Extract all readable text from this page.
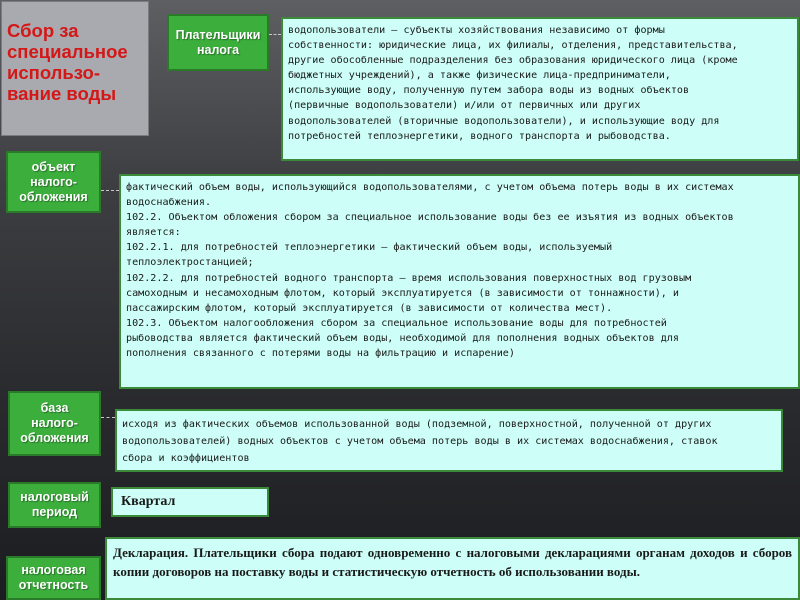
Сбор за
специальное
использо-
вание воды
Плательщики
налога

водопользователи – субъекты хозяйствования независимо от формы

собственности: юридические лица, их филиалы, отделения, представительства,

другие обособленные подразделения без образования юридического лица (кроме

бюджетных учреждений), а также физические лица-предприниматели,

использующие воду, полученную путем забора воды из водных объектов

(первичные водопользователи) и/или от первичных или других

водопользователей (вторичные водопользователи), и использующие воду для

потребностей теплоэнергетики, водного транспорта и рыбоводства.

объект
налого-
обложения

фактический объем воды, использующийся водопользователями, с учетом объема потерь воды в их системах

водоснабжения.

102.2. Объектом обложения сбором за специальное использование воды без ее изъятия из водных объектов

является:

102.2.1. для потребностей теплоэнергетики – фактический объем воды, используемый

теплоэлектростанцией;

102.2.2. для потребностей водного транспорта – время использования поверхностных вод грузовым

самоходным и несамоходным флотом, который эксплуатируется (в зависимости от тоннажности), и

пассажирским флотом, который эксплуатируется (в зависимости от количества мест).

102.3. Объектом налогообложения сбором за специальное использование воды для потребностей

рыбоводства является фактический объем воды, необходимой для пополнения водных объектов для

пополнения связанного с потерями воды на фильтрацию и испарение)

база
налого-
обложения

исходя из фактических объемов использованной воды (подземной, поверхностной, полученной от других

водопользователей) водных объектов с учетом объема потерь воды в их системах водоснабжения, ставок

сбора и коэффициентов

налоговый
период
Квартал
налоговая
отчетность
Декларация. Плательщики сбора подают одновременно с налоговыми декларациями органам доходов и сборов копии договоров на поставку воды и статистическую отчетность об использовании воды.
